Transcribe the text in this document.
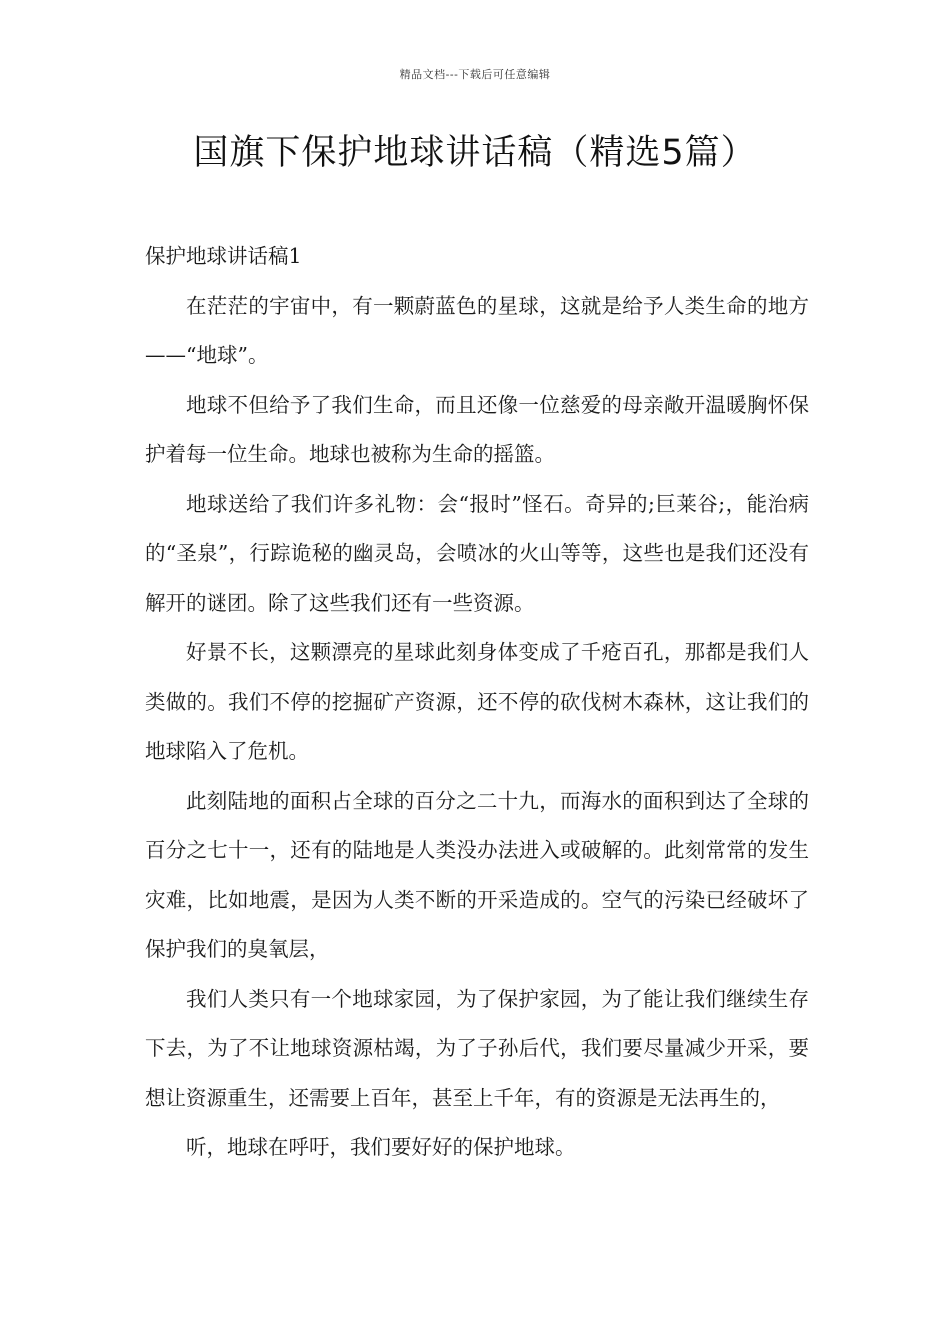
精品文档---下载后可任意编辑
国旗下保护地球讲话稿（精选5篇）
保护地球讲话稿1

在茫茫的宇宙中，有一颗蔚蓝色的星球，这就是给予人类生命的地方——“地球”。

地球不但给予了我们生命，而且还像一位慈爱的母亲敞开温暖胸怀保护着每一位生命。地球也被称为生命的摇篮。

地球送给了我们许多礼物：会“报时”怪石。奇异的;巨莱谷;，能治病的“圣泉”，行踪诡秘的幽灵岛，会喷冰的火山等等，这些也是我们还没有解开的谜团。除了这些我们还有一些资源。

好景不长，这颗漂亮的星球此刻身体变成了千疮百孔，那都是我们人类做的。我们不停的挖掘矿产资源，还不停的砍伐树木森林，这让我们的地球陷入了危机。

此刻陆地的面积占全球的百分之二十九，而海水的面积到达了全球的百分之七十一，还有的陆地是人类没办法进入或破解的。此刻常常的发生灾难，比如地震，是因为人类不断的开采造成的。空气的污染已经破坏了保护我们的臭氧层，

我们人类只有一个地球家园，为了保护家园，为了能让我们继续生存下去，为了不让地球资源枯竭，为了子孙后代，我们要尽量减少开采，要想让资源重生，还需要上百年，甚至上千年，有的资源是无法再生的，

听，地球在呼吁，我们要好好的保护地球。
